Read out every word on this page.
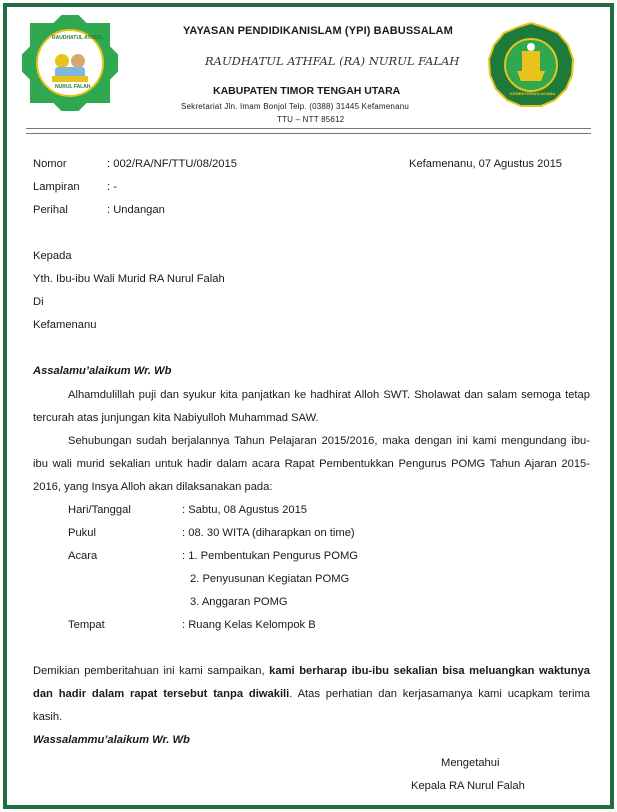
RAUDHATUL ATHFAL
NURUL FALAH
KEMENTERIAN AGAMA
YAYASAN PENDIDIKANISLAM (YPI) BABUSSALAM
RAUDHATUL ATHFAL (RA) NURUL FALAH
KABUPATEN TIMOR TENGAH UTARA
Sekretariat Jln. Imam Bonjol Telp. (0388) 31445 Kefamenanu
TTU – NTT 85612
Nomor	: 002/RA/NF/TTU/08/2015	Kefamenanu, 07 Agustus 2015
Lampiran : -
Perihal	: Undangan
Kepada
Yth. Ibu-ibu Wali Murid RA Nurul Falah
Di
Kefamenanu
Assalamu’alaikum Wr. Wb
Alhamdulillah puji dan syukur kita panjatkan ke hadhirat Alloh SWT. Sholawat dan salam semoga tetap
tercurah atas junjungan kita Nabiyulloh Muhammad SAW.
Sehubungan sudah berjalannya Tahun Pelajaran 2015/2016, maka dengan ini kami mengundang ibu-
ibu wali murid sekalian untuk hadir dalam acara Rapat Pembentukkan Pengurus POMG Tahun Ajaran 2015-
2016, yang Insya Alloh akan dilaksanakan pada:
Hari/Tanggal	: Sabtu, 08 Agustus 2015
Pukul	: 08. 30 WITA (diharapkan on time)
Acara	: 1. Pembentukan Pengurus POMG
2. Penyusunan Kegiatan POMG
3. Anggaran POMG
Tempat	: Ruang Kelas Kelompok B
Demikian pemberitahuan ini kami sampaikan, kami berharap ibu-ibu sekalian bisa meluangkan waktunya
dan hadir dalam rapat tersebut tanpa diwakili. Atas perhatian dan kerjasamanya kami ucapkam terima
kasih.
Wassalammu’alaikum Wr. Wb
Mengetahui
Kepala RA Nurul Falah
